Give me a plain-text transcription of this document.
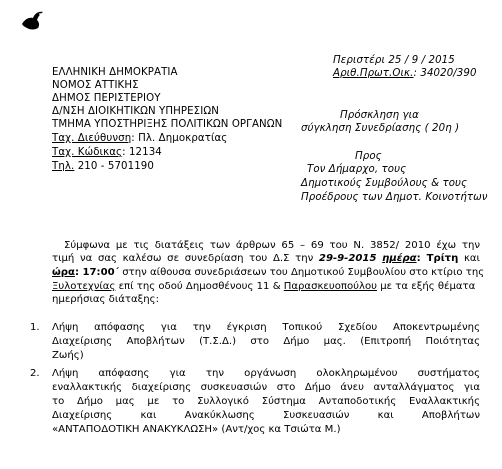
Περιστέρι 25 / 9 / 2015
Αριθ.Πρωτ.Οικ.: 34020/390
ΕΛΛΗΝΙΚΗ ΔΗΜΟΚΡΑΤΙΑ
ΝΟΜΟΣ ΑΤΤΙΚΗΣ
ΔΗΜΟΣ ΠΕΡΙΣΤΕΡΙΟΥ
Δ/ΝΣΗ ΔΙΟΙΚΗΤΙΚΩΝ ΥΠΗΡΕΣΙΩΝ
ΤΜΗΜΑ ΥΠΟΣΤΗΡΙΞΗΣ ΠΟΛΙΤΙΚΩΝ ΟΡΓΑΝΩΝ
Ταχ. Διεύθυνση: Πλ. Δημοκρατίας
Ταχ. Κώδικας: 12134
Τηλ. 210 - 5701190
Πρόσκληση για
σύγκληση Συνεδρίασης ( 20η )
Προς
Τον Δήμαρχο, τους
Δημοτικούς Συμβούλους & τους
Προέδρους των Δημοτ. Κοινοτήτων
Σύμφωνα με τις διατάξεις των άρθρων 65 – 69 του Ν. 3852/ 2010 έχω την
τιμή να σας καλέσω σε συνεδρίαση του Δ.Σ την 29-9-2015 ημέρα: Τρίτη και
ώρα: 17:00΄ στην αίθουσα συνεδριάσεων του Δημοτικού Συμβουλίου στο κτίριο της
Ξυλοτεχνίας επί της οδού Δημοσθένους 11 & Παρασκευοπούλου με τα εξής θέματα
ημερήσιας διάταξης:
1. Λήψη απόφασης για την έγκριση Τοπικού Σχεδίου Αποκεντρωμένης
Διαχείρισης Αποβλήτων (Τ.Σ.Δ.) στο Δήμο μας. (Επιτροπή Ποιότητας
Ζωής)
2. Λήψη απόφασης για την οργάνωση ολοκληρωμένου συστήματος
εναλλακτικής διαχείρισης συσκευασιών στο Δήμο άνευ ανταλλάγματος για
το Δήμο μας με το Συλλογικό Σύστημα Ανταποδοτικής Εναλλακτικής
Διαχείρισης και Ανακύκλωσης Συσκευασιών και Αποβλήτων
«ΑΝΤΑΠΟΔΟΤΙΚΗ ΑΝΑΚΥΚΛΩΣΗ» (Αντ/χος κα Τσιώτα Μ.)
